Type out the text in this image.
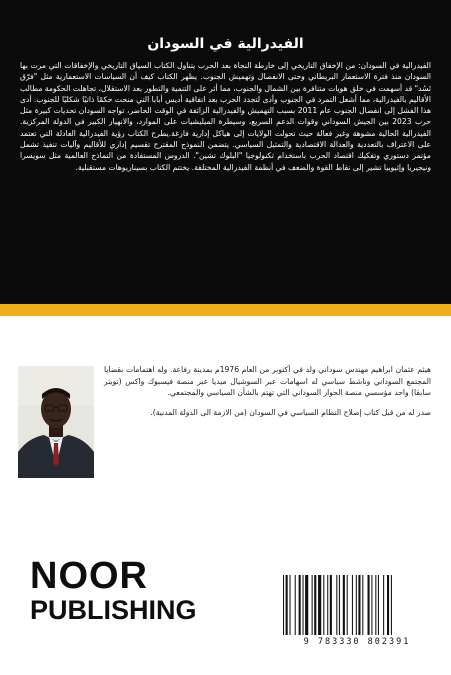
الفيدرالية في السودان

الفيدرالية في السودان: من الإخفاق التاريخي إلى خارطة النجاة بعد الحرب يتناول الكتاب السياق التاريخي والإخفاقات التي مرت بها السودان منذ فترة الاستعمار البريطاني وحتى الانفصال وتهميش الجنوب. يظهر الكتاب كيف أن السياسات الاستعمارية مثل "فرّق تَسُد" قد أسهمت في خلق هويات متنافرة بين الشمال والجنوب، مما أثر على التنمية والتطور بعد الاستقلال، تجاهلت الحكومة مطالب الأقاليم بالفيدرالية، مما أشعل التمرد في الجنوب وأدى لتجدد الحرب بعد اتفاقية أديس أبابا التي منحت حكمًا ذاتيًا شكليًا للجنوب. أدى هذا الفشل إلى انفصال الجنوب عام 2011 بسبب التهميش والفيدرالية الزائفة في الوقت الحاضر، تواجه السودان تحديات كبيرة مثل حرب 2023 بين الجيش السوداني وقوات الدعم السريع، وسيطرة الميليشيات على الموارد، والانهيار الكبير في الدولة المركزية. الفيدرالية الحالية مشوهة وغير فعالة حيث تحولت الولايات إلى هياكل إدارية فارغة.يطرح الكتاب رؤية الفيدرالية العادلة التي تعتمد على الاعتراف بالتعددية والعدالة الاقتصادية والتمثيل السياسي. يتضمن النموذج المقترح تقسيم إداري للأقاليم وآليات تنفيذ تشمل مؤتمر دستوري وتفكيك اقتصاد الحرب باستخدام تكنولوجيا "البلوك تشين". الدروس المستفادة من النماذج العالمية مثل سويسرا ونيجيريا وإثيوبيا تشير إلى نقاط القوة والضعف في أنظمة الفيدرالية المختلفة. يختتم الكتاب بسيناريوهات مستقبلية.

هيثم عثمان ابراهيم مهندس سوداني ولد في أكتوبر من العام 1976م بمدينة رفاعة. وله اهتمامات بقضايا المجتمع السوداني وناشط سياسي له اسهامات عبر السوشيال ميديا عبر منصة فيسبوك واكس (تويتر سابقا) واحد مؤسسي منصة الحوار السوداني التي تهتم بالشأن السياسي والمجتمعي.

صدر له من قبل كتاب إصلاح النظام السياسي في السودان (من الازمة الى الدولة المدنية).

NOOR
PUBLISHING
9 783330 802391
